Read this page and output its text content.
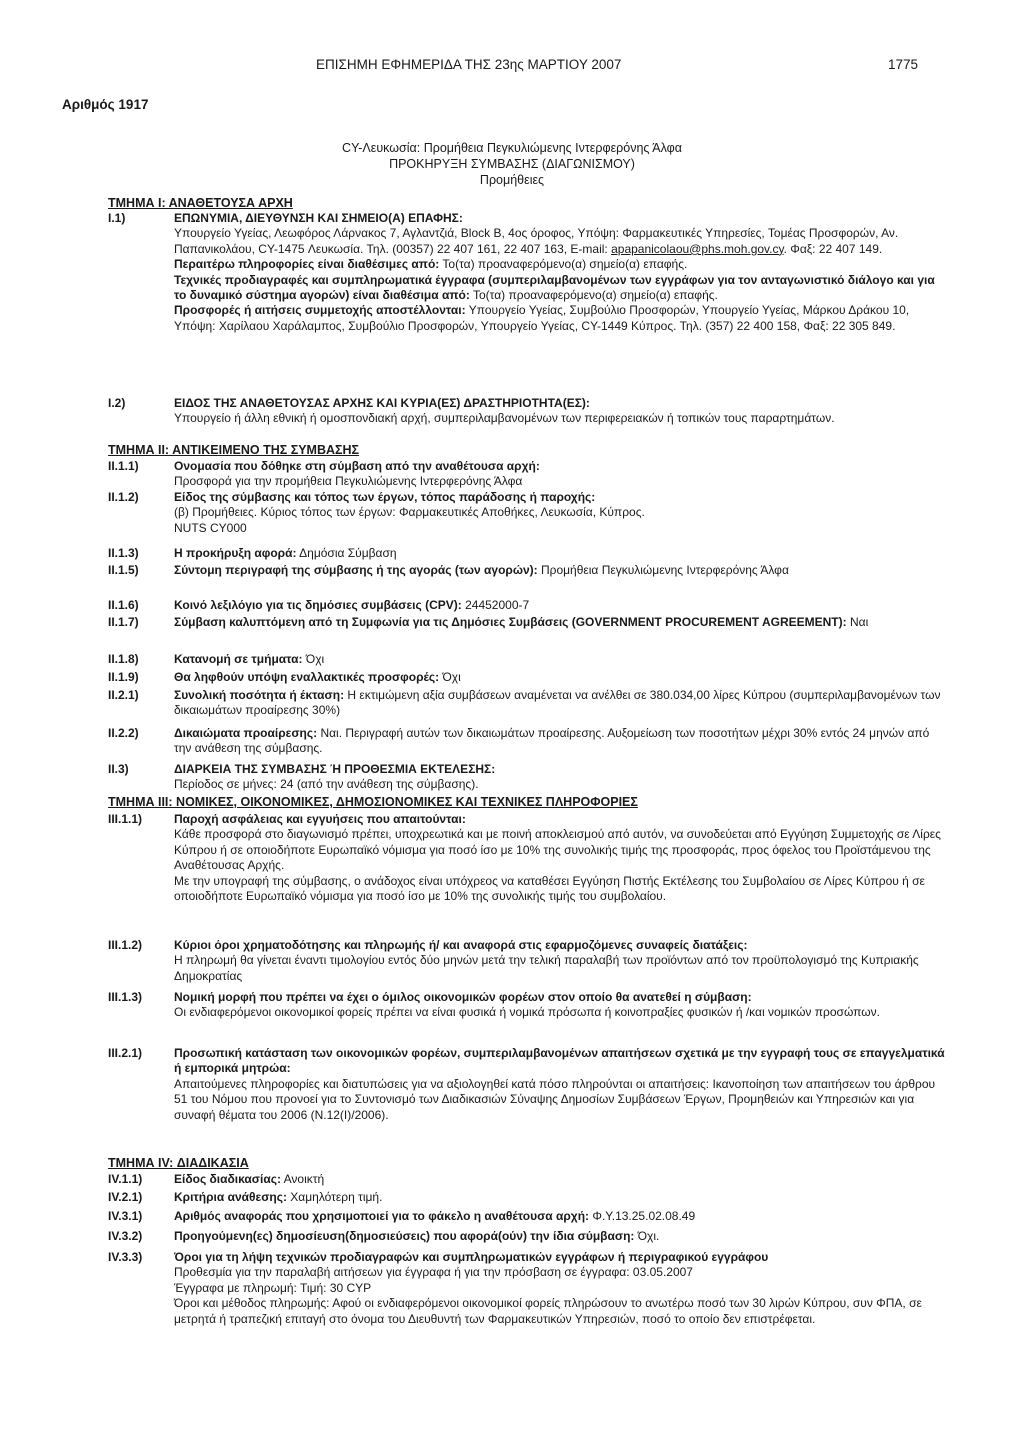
ΕΠΙΣΗΜΗ ΕΦΗΜΕΡΙΔΑ ΤΗΣ 23ης ΜΑΡΤΙΟΥ 2007	1775
Αριθμός 1917
CY-Λευκωσία: Προμήθεια Πεγκυλιώμενης Ιντερφερόνης Άλφα
ΠΡΟΚΗΡΥΞΗ ΣΥΜΒΑΣΗΣ (ΔΙΑΓΩΝΙΣΜΟΥ)
Προμήθειες
ΤΜΗΜΑ Ι: ΑΝΑΘΕΤΟΥΣΑ ΑΡΧΗ
Ι.1)	ΕΠΩΝΥΜΙΑ, ΔΙΕΥΘΥΝΣΗ ΚΑΙ ΣΗΜΕΙΟ(Α) ΕΠΑΦΗΣ:
Υπουργείο Υγείας, Λεωφόρος Λάρνακος 7, Αγλαντζιά, Block Β, 4ος όροφος, Υπόψη: Φαρμακευτικές Υπηρεσίες, Τομέας Προσφορών, Αν. Παπανικολάου, CY-1475 Λευκωσία. Τηλ. (00357) 22 407 161, 22 407 163, E-mail: apapanicolaou@phs.moh.gov.cy. Φαξ: 22 407 149.
Περαιτέρω πληροφορίες είναι διαθέσιμες από: Το(τα) προαναφερόμενο(α) σημείο(α) επαφής.
Τεχνικές προδιαγραφές και συμπληρωματικά έγγραφα (συμπεριλαμβανομένων των εγγράφων για τον ανταγωνιστικό διάλογο και για το δυναμικό σύστημα αγορών) είναι διαθέσιμα από: Το(τα) προαναφερόμενο(α) σημείο(α) επαφής.
Προσφορές ή αιτήσεις συμμετοχής αποστέλλονται: Υπουργείο Υγείας, Συμβούλιο Προσφορών, Υπουργείο Υγείας, Μάρκου Δράκου 10, Υπόψη: Χαρίλαου Χαράλαμπος, Συμβούλιο Προσφορών, Υπουργείο Υγείας, CY-1449 Κύπρος. Τηλ. (357) 22 400 158, Φαξ: 22 305 849.
Ι.2)	ΕΙΔΟΣ ΤΗΣ ΑΝΑΘΕΤΟΥΣΑΣ ΑΡΧΗΣ ΚΑΙ ΚΥΡΙΑ(ΕΣ) ΔΡΑΣΤΗΡΙΟΤΗΤΑ(ΕΣ):
Υπουργείο ή άλλη εθνική ή ομοσπονδιακή αρχή, συμπεριλαμβανομένων των περιφερειακών ή τοπικών τους παραρτημάτων.
ΤΜΗΜΑ ΙΙ: ΑΝΤΙΚΕΙΜΕΝΟ ΤΗΣ ΣΥΜΒΑΣΗΣ
ΙΙ.1.1)	Ονομασία που δόθηκε στη σύμβαση από την αναθέτουσα αρχή:
Προσφορά για την προμήθεια Πεγκυλιώμενης Ιντερφερόνης Άλφα
ΙΙ.1.2)	Είδος της σύμβασης και τόπος των έργων, τόπος παράδοσης ή παροχής:
(β) Προμήθειες. Κύριος τόπος των έργων: Φαρμακευτικές Αποθήκες, Λευκωσία, Κύπρος.
NUTS CY000
ΙΙ.1.3)	Η προκήρυξη αφορά: Δημόσια Σύμβαση
ΙΙ.1.5)	Σύντομη περιγραφή της σύμβασης ή της αγοράς (των αγορών): Προμήθεια Πεγκυλιώμενης Ιντερφερόνης Άλφα
ΙΙ.1.6)	Κοινό λεξιλόγιο για τις δημόσιες συμβάσεις (CPV): 24452000-7
ΙΙ.1.7)	Σύμβαση καλυπτόμενη από τη Συμφωνία για τις Δημόσιες Συμβάσεις (GOVERNMENT PROCUREMENT AGREEMENT): Ναι
ΙΙ.1.8)	Κατανομή σε τμήματα: Όχι
ΙΙ.1.9)	Θα ληφθούν υπόψη εναλλακτικές προσφορές: Όχι
ΙΙ.2.1)	Συνολική ποσότητα ή έκταση: Η εκτιμώμενη αξία συμβάσεων αναμένεται να ανέλθει σε 380.034,00 λίρες Κύπρου (συμπεριλαμβανομένων των δικαιωμάτων προαίρεσης 30%)
ΙΙ.2.2)	Δικαιώματα προαίρεσης: Ναι. Περιγραφή αυτών των δικαιωμάτων προαίρεσης. Αυξομείωση των ποσοτήτων μέχρι 30% εντός 24 μηνών από την ανάθεση της σύμβασης.
ΙΙ.3)	ΔΙΑΡΚΕΙΑ ΤΗΣ ΣΥΜΒΑΣΗΣ Ή ΠΡΟΘΕΣΜΙΑ ΕΚΤΕΛΕΣΗΣ:
Περίοδος σε μήνες: 24 (από την ανάθεση της σύμβασης).
ΤΜΗΜΑ ΙΙΙ: ΝΟΜΙΚΕΣ, ΟΙΚΟΝΟΜΙΚΕΣ, ΔΗΜΟΣΙΟΝΟΜΙΚΕΣ ΚΑΙ ΤΕΧΝΙΚΕΣ ΠΛΗΡΟΦΟΡΙΕΣ
ΙΙΙ.1.1)	Παροχή ασφάλειας και εγγυήσεις που απαιτούνται:
Κάθε προσφορά στο διαγωνισμό πρέπει, υποχρεωτικά και με ποινή αποκλεισμού από αυτόν, να συνοδεύεται από Εγγύηση Συμμετοχής σε Λίρες Κύπρου ή σε οποιοδήποτε Ευρωπαϊκό νόμισμα για ποσό ίσο με 10% της συνολικής τιμής της προσφοράς, προς όφελος του Προϊστάμενου της Αναθέτουσας Αρχής.
Με την υπογραφή της σύμβασης, ο ανάδοχος είναι υπόχρεος να καταθέσει Εγγύηση Πιστής Εκτέλεσης του Συμβολαίου σε Λίρες Κύπρου ή σε οποιοδήποτε Ευρωπαϊκό νόμισμα για ποσό ίσο με 10% της συνολικής τιμής του συμβολαίου.
ΙΙΙ.1.2)	Κύριοι όροι χρηματοδότησης και πληρωμής ή/ και αναφορά στις εφαρμοζόμενες συναφείς διατάξεις:
Η πληρωμή θα γίνεται έναντι τιμολογίου εντός δύο μηνών μετά την τελική παραλαβή των προϊόντων από τον προϋπολογισμό της Κυπριακής Δημοκρατίας
ΙΙΙ.1.3)	Νομική μορφή που πρέπει να έχει ο όμιλος οικονομικών φορέων στον οποίο θα ανατεθεί η σύμβαση:
Οι ενδιαφερόμενοι οικονομικοί φορείς πρέπει να είναι φυσικά ή νομικά πρόσωπα ή κοινοπραξίες φυσικών ή /και νομικών προσώπων.
ΙΙΙ.2.1)	Προσωπική κατάσταση των οικονομικών φορέων, συμπεριλαμβανομένων απαιτήσεων σχετικά με την εγγραφή τους σε επαγγελματικά ή εμπορικά μητρώα:
Απαιτούμενες πληροφορίες και διατυπώσεις για να αξιολογηθεί κατά πόσο πληρούνται οι απαιτήσεις: Ικανοποίηση των απαιτήσεων του άρθρου 51 του Νόμου που προνοεί για το Συντονισμό των Διαδικασιών Σύναψης Δημοσίων Συμβάσεων Έργων, Προμηθειών και Υπηρεσιών και για συναφή θέματα του 2006 (Ν.12(Ι)/2006).
ΤΜΗΜΑ IV: ΔΙΑΔΙΚΑΣΙΑ
IV.1.1)	Είδος διαδικασίας: Ανοικτή
IV.2.1)	Κριτήρια ανάθεσης: Χαμηλότερη τιμή.
IV.3.1)	Αριθμός αναφοράς που χρησιμοποιεί για το φάκελο η αναθέτουσα αρχή: Φ.Υ.13.25.02.08.49
IV.3.2)	Προηγούμενη(ες) δημοσίευση(δημοσιεύσεις) που αφορά(ούν) την ίδια σύμβαση: Όχι.
IV.3.3)	Όροι για τη λήψη τεχνικών προδιαγραφών και συμπληρωματικών εγγράφων ή περιγραφικού εγγράφου
Προθεσμία για την παραλαβή αιτήσεων για έγγραφα ή για την πρόσβαση σε έγγραφα: 03.05.2007
Έγγραφα με πληρωμή: Τιμή: 30 CYP
Όροι και μέθοδος πληρωμής: Αφού οι ενδιαφερόμενοι οικονομικοί φορείς πληρώσουν το ανωτέρω ποσό των 30 λιρών Κύπρου, συν ΦΠΑ, σε μετρητά ή τραπεζική επιταγή στο όνομα του Διευθυντή των Φαρμακευτικών Υπηρεσιών, ποσό το οποίο δεν επιστρέφεται.
